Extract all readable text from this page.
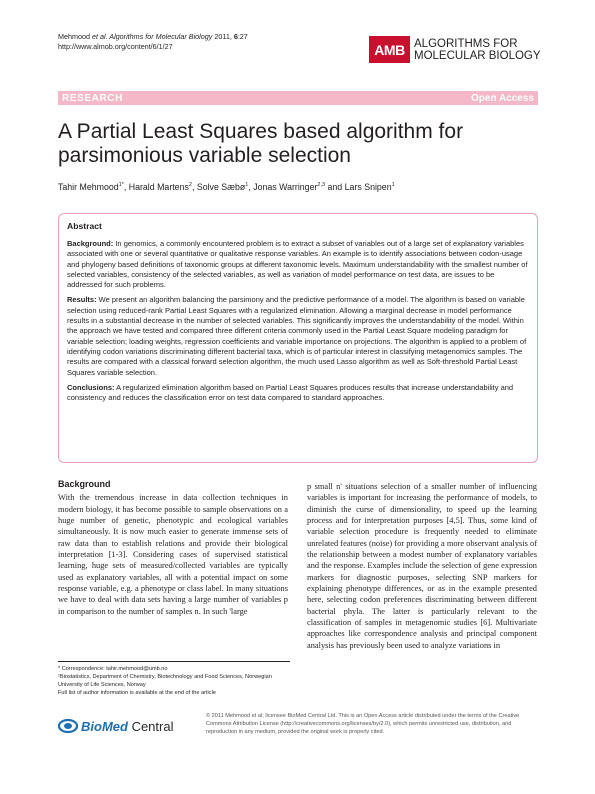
Mehmood et al. Algorithms for Molecular Biology 2011, 6:27
http://www.almob.org/content/6/1/27	AMB ALGORITHMS FOR
MOLECULAR BIOLOGY
RESEARCH	Open Access
A Partial Least Squares based algorithm for parsimonious variable selection
Tahir Mehmood$^{1*}$, Harald Martens$^2$, Solve Sæbø$^1$, Jonas Warringer$^{2,3}$ and Lars Snipen$^1$
Abstract

Background: In genomics, a commonly encountered problem is to extract a subset of variables out of a large set of explanatory variables associated with one or several quantitative or qualitative response variables. An example is to identify associations between codon-usage and phylogeny based definitions of taxonomic groups at different taxonomic levels. Maximum understandability with the smallest number of selected variables, consistency of the selected variables, as well as variation of model performance on test data, are issues to be addressed for such problems.

Results: We present an algorithm balancing the parsimony and the predictive performance of a model. The algorithm is based on variable selection using reduced-rank Partial Least Squares with a regularized elimination. Allowing a marginal decrease in model performance results in a substantial decrease in the number of selected variables. This significantly improves the understandability of the model. Within the approach we have tested and compared three different criteria commonly used in the Partial Least Square modeling paradigm for variable selection; loading weights, regression coefficients and variable importance on projections. The algorithm is applied to a problem of identifying codon variations discriminating different bacterial taxa, which is of particular interest in classifying metagenomics samples. The results are compared with a classical forward selection algorithm, the much used Lasso algorithm as well as Soft-threshold Partial Least Squares variable selection.

Conclusions: A regularized elimination algorithm based on Partial Least Squares produces results that increase understandability and consistency and reduces the classification error on test data compared to standard approaches.

Background

With the tremendous increase in data collection techniques in modern biology, it has become possible to sample observations on a huge number of genetic, phenotypic and ecological variables simultaneously. It is now much easier to generate immense sets of raw data than to establish relations and provide their biological interpretation [1-3]. Considering cases of supervised statistical learning, huge sets of measured/collected variables are typically used as explanatory variables, all with a potential impact on some response variable, e.g. a phenotype or class label. In many situations we have to deal with data sets having a large number of variables p in comparison to the number of samples n. In such 'large

p small n' situations selection of a smaller number of influencing variables is important for increasing the performance of models, to diminish the curse of dimensionality, to speed up the learning process and for interpretation purposes [4,5]. Thus, some kind of variable selection procedure is frequently needed to eliminate unrelated features (noise) for providing a more observant analysis of the relationship between a modest number of explanatory variables and the response. Examples include the selection of gene expression markers for diagnostic purposes, selecting SNP markers for explaining phenotype differences, or as in the example presented here, selecting codon preferences discriminating between different bacterial phyla. The latter is particularly relevant to the classification of samples in metagenomic studies [6]. Multivariate approaches like correspondence analysis and principal component analysis has previously been used to analyze variations in

* Correspondence: tahir.mehmood@umb.no
¹Biostatistics, Department of Chemistry, Biotechnology and Food Sciences, Norwegian University of Life Sciences, Norway
Full list of author information is available at the end of the article
BioMed Central
© 2011 Mehmood et al; licensee BioMed Central Ltd. This is an Open Access article distributed under the terms of the Creative Commons Attribution License (http://creativecommons.org/licenses/by/2.0), which permits unrestricted use, distribution, and reproduction in any medium, provided the original work is properly cited.
